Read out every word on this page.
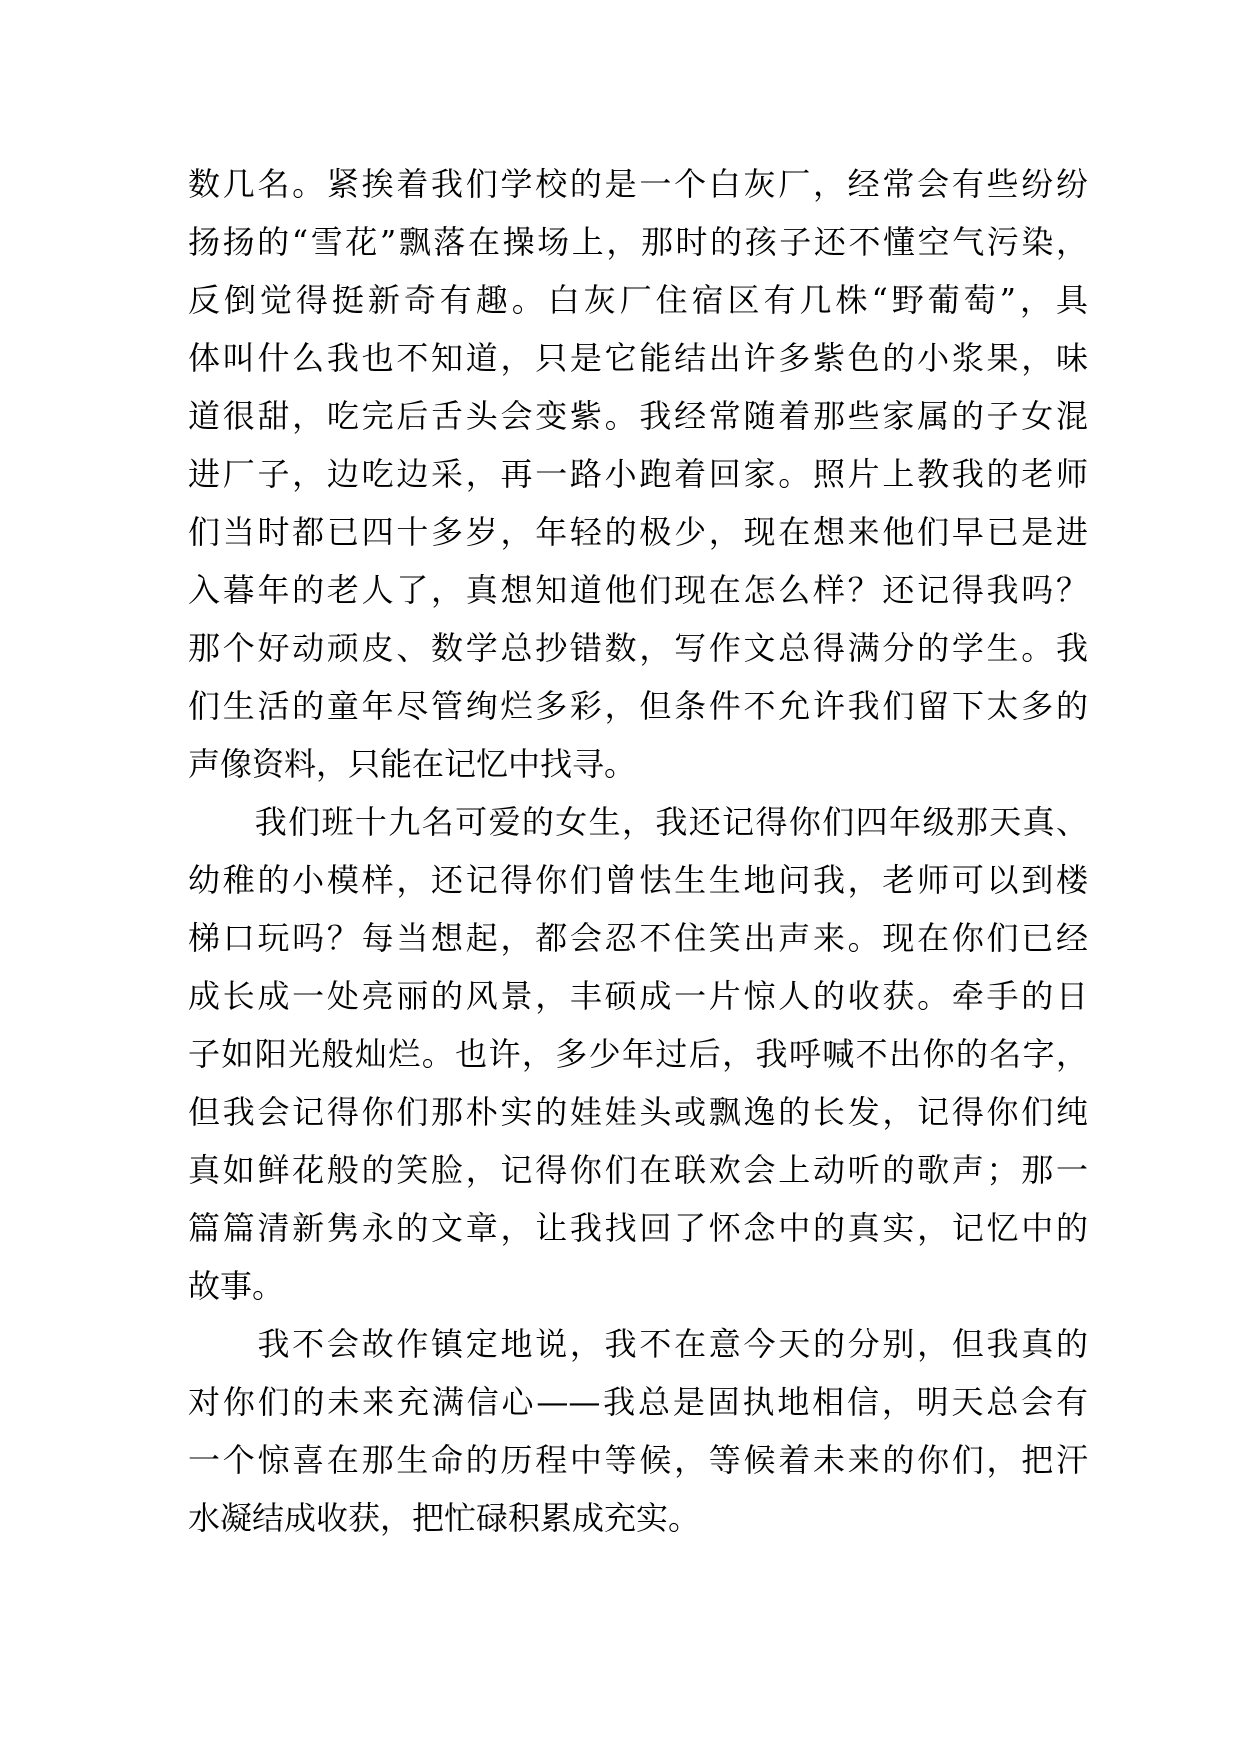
数几名。紧挨着我们学校的是一个白灰厂，经常会有些纷纷
扬扬的“雪花”飘落在操场上，那时的孩子还不懂空气污染，
反倒觉得挺新奇有趣。白灰厂住宿区有几株“野葡萄”，具
体叫什么我也不知道，只是它能结出许多紫色的小浆果，味
道很甜，吃完后舌头会变紫。我经常随着那些家属的子女混
进厂子，边吃边采，再一路小跑着回家。照片上教我的老师
们当时都已四十多岁，年轻的极少，现在想来他们早已是进
入暮年的老人了，真想知道他们现在怎么样？还记得我吗？
那个好动顽皮、数学总抄错数，写作文总得满分的学生。我
们生活的童年尽管绚烂多彩，但条件不允许我们留下太多的
声像资料，只能在记忆中找寻。
　　我们班十九名可爱的女生，我还记得你们四年级那天真、
幼稚的小模样，还记得你们曾怯生生地问我，老师可以到楼
梯口玩吗？每当想起，都会忍不住笑出声来。现在你们已经
成长成一处亮丽的风景，丰硕成一片惊人的收获。牵手的日
子如阳光般灿烂。也许，多少年过后，我呼喊不出你的名字，
但我会记得你们那朴实的娃娃头或飘逸的长发，记得你们纯
真如鲜花般的笑脸，记得你们在联欢会上动听的歌声；那一
篇篇清新隽永的文章，让我找回了怀念中的真实，记忆中的
故事。
　　我不会故作镇定地说，我不在意今天的分别，但我真的
对你们的未来充满信心——我总是固执地相信，明天总会有
一个惊喜在那生命的历程中等候，等候着未来的你们，把汗
水凝结成收获，把忙碌积累成充实。
